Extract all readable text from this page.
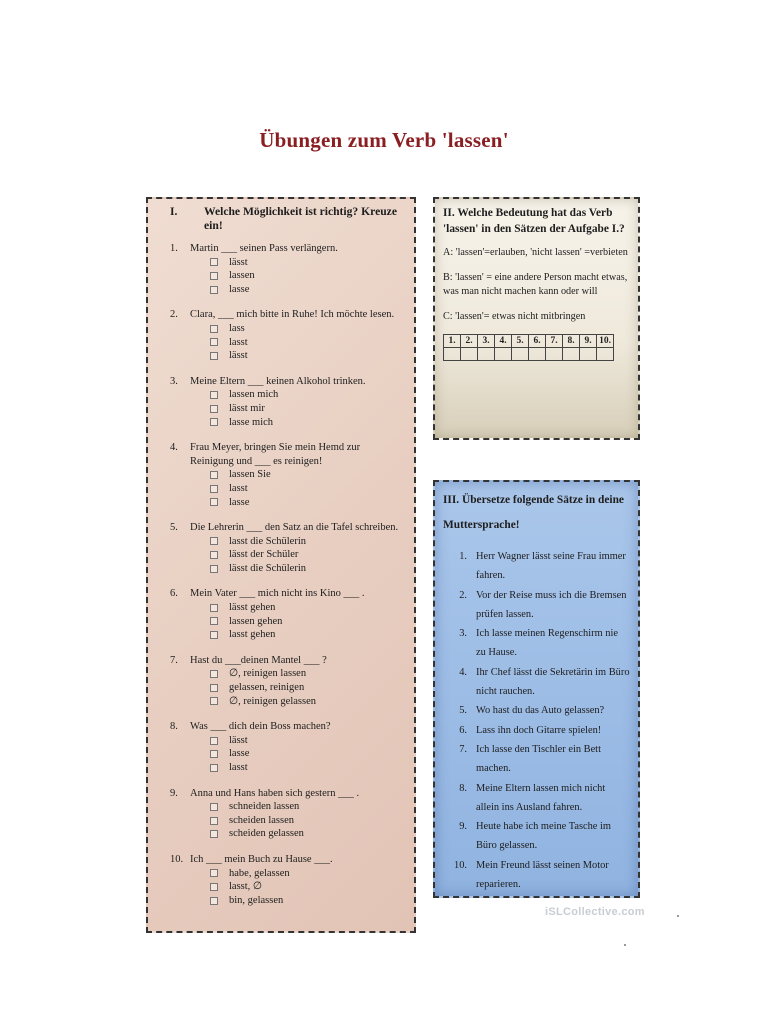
Übungen zum Verb 'lassen'
I.	Welche Möglichkeit ist richtig? Kreuze ein!
1.	Martin ___ seinen Pass verlängern.
lässt
lassen
lasse
2.	Clara, ___ mich bitte in Ruhe! Ich möchte lesen.
lass
lasst
lässt
3.	Meine Eltern ___ keinen Alkohol trinken.
lassen mich
lässt mir
lasse mich
4.	Frau Meyer, bringen Sie mein Hemd zur Reinigung und ___ es reinigen!
lassen Sie
lasst
lasse
5.	Die Lehrerin ___ den Satz an die Tafel schreiben.
lasst die Schülerin
lässt der Schüler
lässt die Schülerin
6.	Mein Vater ___ mich nicht ins Kino ___ .
lässt gehen
lassen gehen
lasst gehen
7.	Hast du ___deinen Mantel ___ ?
∅, reinigen lassen
gelassen, reinigen
∅, reinigen gelassen
8.	Was ___ dich dein Boss machen?
lässt
lasse
lasst
9.	Anna und Hans haben sich gestern ___ .
schneiden lassen
scheiden lassen
scheiden gelassen
10. Ich ___ mein Buch zu Hause ___.
habe, gelassen
lasst, ∅
bin, gelassen
II. Welche Bedeutung hat das Verb 'lassen' in den Sätzen der Aufgabe I.?
A: 'lassen'=erlauben, 'nicht lassen' =verbieten
B: 'lassen' = eine andere Person macht etwas, was man nicht machen kann oder will
C: 'lassen'= etwas nicht mitbringen
1.	2.	3.	4.	5.	6.	7.	8.	9.	10.

III. Übersetze folgende Sätze in deine Muttersprache!
1. Herr Wagner lässt seine Frau immer fahren.
2. Vor der Reise muss ich die Bremsen prüfen lassen.
3. Ich lasse meinen Regenschirm nie zu Hause.
4. Ihr Chef lässt die Sekretärin im Büro nicht rauchen.
5. Wo hast du das Auto gelassen?
6. Lass ihn doch Gitarre spielen!
7. Ich lasse den Tischler ein Bett machen.
8. Meine Eltern lassen mich nicht allein ins Ausland fahren.
9. Heute habe ich meine Tasche im Büro gelassen.
10. Mein Freund lässt seinen Motor reparieren.
iSLCollective.com
